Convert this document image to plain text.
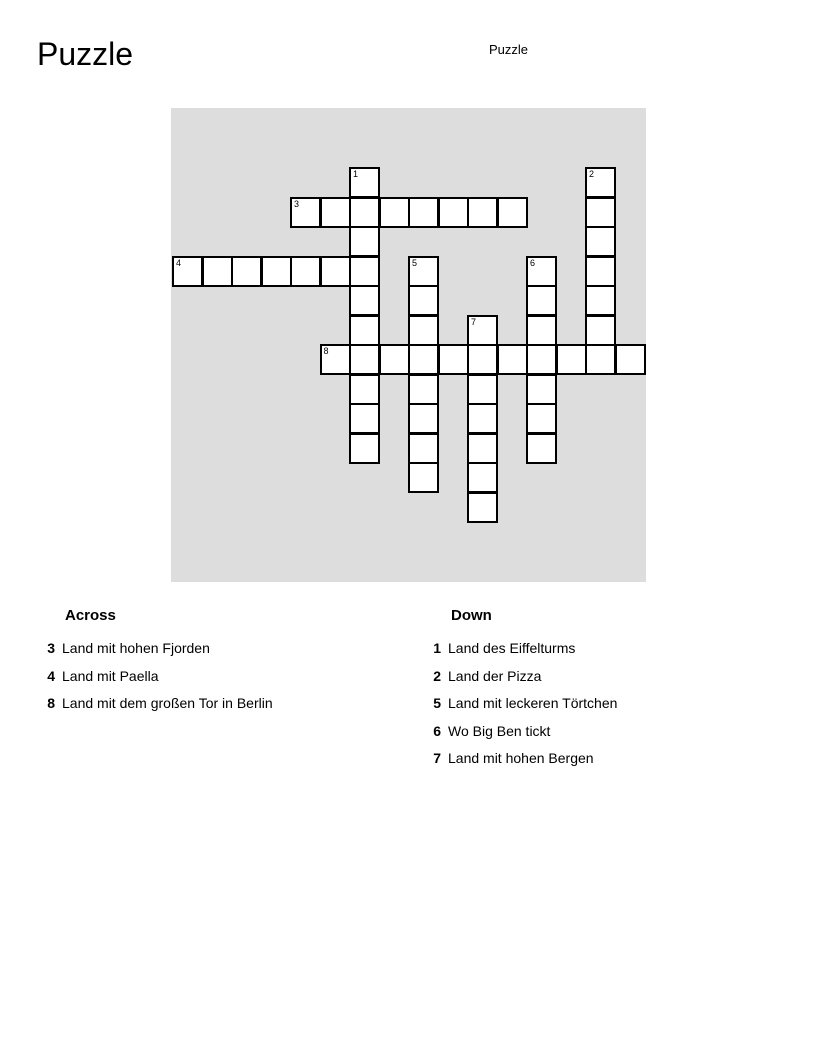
Puzzle	Puzzle
1	2
3
4	5	6
7
8
Across
3 Land mit hohen Fjorden
4 Land mit Paella
8 Land mit dem großen Tor in Berlin
Down
1 Land des Eiffelturms
2 Land der Pizza
5 Land mit leckeren Törtchen
6 Wo Big Ben tickt
7 Land mit hohen Bergen
